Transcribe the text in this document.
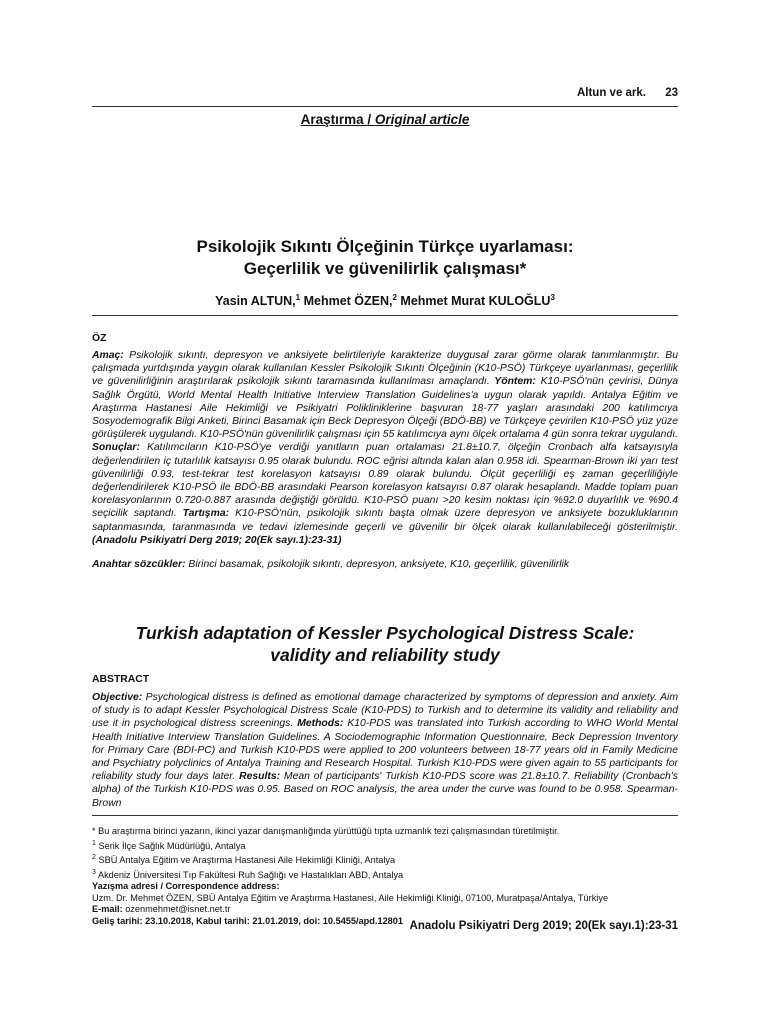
Altun ve ark. 23
Araştırma / Original article
Psikolojik Sıkıntı Ölçeğinin Türkçe uyarlaması:
Geçerlilik ve güvenilirlik çalışması*
Yasin ALTUN,$^1$ Mehmet ÖZEN,$^2$ Mehmet Murat KULOĞLU$^3$
ÖZ
Amaç: Psikolojik sıkıntı, depresyon ve anksiyete belirtileriyle karakterize duygusal zarar görme olarak tanımlanmıştır. Bu çalışmada yurtdışında yaygın olarak kullanılan Kessler Psikolojik Sıkıntı Ölçeğinin (K10-PSÖ) Türkçeye uyarlanması, geçerlilik ve güvenilirliğinin araştırılarak psikolojik sıkıntı taramasında kullanılması amaçlandı. Yöntem: K10-PSÖ'nün çevirisi, Dünya Sağlık Örgütü, World Mental Health Initiative Interview Translation Guidelines'a uygun olarak yapıldı. Antalya Eğitim ve Araştırma Hastanesi Aile Hekimliği ve Psikiyatri Polikliniklerine başvuran 18-77 yaşları arasındaki 200 katılımcıya Sosyodemografik Bilgi Anketi, Birinci Basamak için Beck Depresyon Ölçeği (BDÖ-BB) ve Türkçeye çevirilen K10-PSÖ yüz yüze görüşülerek uygulandı. K10-PSÖ'nün güvenilirlik çalışması için 55 katılımcıya aynı ölçek ortalama 4 gün sonra tekrar uygulandı. Sonuçlar: Katılımcıların K10-PSÖ'ye verdiği yanıtların puan ortalaması 21.8±10.7, ölçeğin Cronbach alfa katsayısıyla değerlendirilen iç tutarlılık katsayısı 0.95 olarak bulundu. ROC eğrisi altında kalan alan 0.958 idi. Spearman-Brown iki yarı test güvenilirliği 0.93, test-tekrar test korelasyon katsayısı 0.89 olarak bulundu. Ölçüt geçerliliği eş zaman geçerliliğiyle değerlendirilerek K10-PSÖ ile BDÖ-BB arasındaki Pearson korelasyon katsayısı 0.87 olarak hesaplandı. Madde toplam puan korelasyonlarının 0.720-0.887 arasında değiştiği görüldü. K10-PSÖ puanı >20 kesim noktası için %92.0 duyarlılık ve %90.4 seçicilik saptandı. Tartışma: K10-PSÖ'nün, psikolojik sıkıntı başta olmak üzere depresyon ve anksiyete bozukluklarının saptanmasında, taranmasında ve tedavi izlemesinde geçerli ve güvenilir bir ölçek olarak kullanılabileceği gösterilmiştir. (Anadolu Psikiyatri Derg 2019; 20(Ek sayı.1):23-31)
Anahtar sözcükler: Birinci basamak, psikolojik sıkıntı, depresyon, anksiyete, K10, geçerlilik, güvenilirlik
Turkish adaptation of Kessler Psychological Distress Scale:
validity and reliability study
ABSTRACT
Objective: Psychological distress is defined as emotional damage characterized by symptoms of depression and anxiety. Aim of study is to adapt Kessler Psychological Distress Scale (K10-PDS) to Turkish and to determine its validity and reliability and use it in psychological distress screenings. Methods: K10-PDS was translated into Turkish according to WHO World Mental Health Initiative Interview Translation Guidelines. A Sociodemographic Information Questionnaire, Beck Depression Inventory for Primary Care (BDI-PC) and Turkish K10-PDS were applied to 200 volunteers between 18-77 years old in Family Medicine and Psychiatry polyclinics of Antalya Training and Research Hospital. Turkish K10-PDS were given again to 55 participants for reliability study four days later. Results: Mean of participants' Turkish K10-PDS score was 21.8±10.7. Reliability (Cronbach's alpha) of the Turkish K10-PDS was 0.95. Based on ROC analysis, the area under the curve was found to be 0.958. Spearman-Brown
* Bu araştırma birinci yazarın, ikinci yazar danışmanlığında yürüttüğü tıpta uzmanlık tezi çalışmasından türetilmiştir.
$^1$ Serik İlçe Sağlık Müdürlüğü, Antalya
$^2$ SBÜ Antalya Eğitim ve Araştırma Hastanesi Aile Hekimliği Kliniği, Antalya
$^3$ Akdeniz Üniversitesi Tıp Fakültesi Ruh Sağlığı ve Hastalıkları ABD, Antalya
Yazışma adresi / Correspondence address:
Uzm. Dr. Mehmet ÖZEN, SBÜ Antalya Eğitim ve Araştırma Hastanesi, Aile Hekimliği Kliniği, 07100, Muratpaşa/Antalya, Türkiye
E-mail: ozenmehmet@isnet.net.tr
Geliş tarihi: 23.10.2018, Kabul tarihi: 21.01.2019, doi: 10.5455/apd.12801 Anadolu Psikiyatri Derg 2019; 20(Ek sayı.1):23-31
